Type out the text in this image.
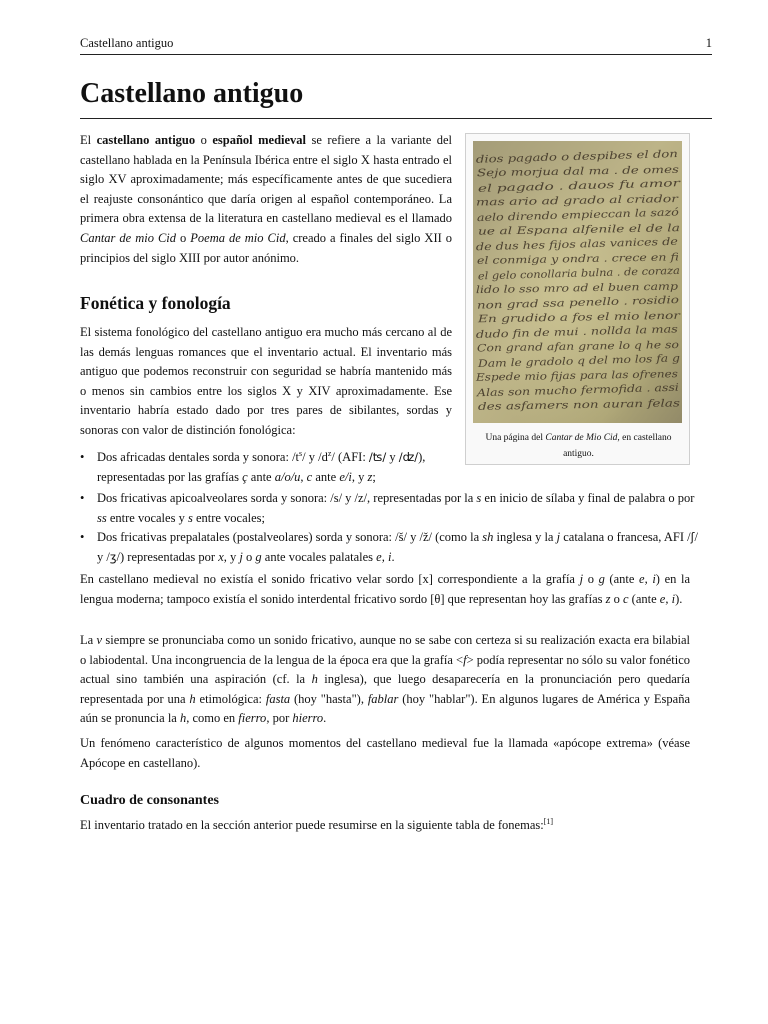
Castellano antiguo	1
Castellano antiguo

El castellano antiguo o español medieval se refiere a la variante del castellano hablada en la Península Ibérica entre el siglo X hasta entrado el siglo XV aproximadamente; más específicamente antes de que sucediera el reajuste consonántico que daría origen al español contemporáneo. La primera obra extensa de la literatura en castellano medieval es el llamado Cantar de mio Cid o Poema de mio Cid, creado a finales del siglo XII o principios del siglo XIII por autor anónimo.

dios pagado o despibes el don
Sejo morjua dal ma . de omes
el pagado . dauos fu amor
mas ario ad grado al criador
aelo direndo empieccan la sazó
ue al Espana alfenile el de la
de dus hes fijos alas vanices de
el conmiga y ondra . crece en fi
el gelo conollaria bulna . de coraza
lido lo sso mro ad el buen camp
non grad ssa penello . rosidio
En grudido a fos el mio lenor
dudo fin de mui . nollda la mas
Con grand afan grane lo q he so
Dam le gradolo q del mo los fa g
Espede mio fijas para las ofrenes
Alas son mucho fermofida . assi
des asfamers non auran felas
Una página del Cantar de Mio Cid, en castellano antiguo.
Fonética y fonología

El sistema fonológico del castellano antiguo era mucho más cercano al de las demás lenguas romances que el inventario actual. El inventario más antiguo que podemos reconstruir con seguridad se habría mantenido más o menos sin cambios entre los siglos X y XIV aproximadamente. Ese inventario habría estado dado por tres pares de sibilantes, sordas y sonoras con valor de distinción fonológica:

• Dos africadas dentales sorda y sonora: $/t^s/$ y $/d^z/$ (AFI: /ʦ/ y /ʣ/), representadas por las grafías ç ante a/o/u, c ante e/i, y z;
• Dos fricativas apicoalveolares sorda y sonora: /s/ y /z/, representadas por la s en inicio de sílaba y final de palabra o por ss entre vocales y s entre vocales;
• Dos fricativas prepalatales (postalveolares) sorda y sonora: /š/ y /ž/ (como la sh inglesa y la j catalana o francesa, AFI /ʃ/ y /ʒ/) representadas por x, y j o g ante vocales palatales e, i.

En castellano medieval no existía el sonido fricativo velar sordo [x] correspondiente a la grafía j o g (ante e, i) en la lengua moderna; tampoco existía el sonido interdental fricativo sordo [θ] que representan hoy las grafías z o c (ante e, i).

La v siempre se pronunciaba como un sonido fricativo, aunque no se sabe con certeza si su realización exacta era bilabial o labiodental. Una incongruencia de la lengua de la época era que la grafía <f> podía representar no sólo su valor fonético actual sino también una aspiración (cf. la h inglesa), que luego desaparecería en la pronunciación pero quedaría representada por una h etimológica: fasta (hoy "hasta"), fablar (hoy "hablar"). En algunos lugares de América y España aún se pronuncia la h, como en fierro, por hierro.

Un fenómeno característico de algunos momentos del castellano medieval fue la llamada «apócope extrema» (véase Apócope en castellano).

Cuadro de consonantes

El inventario tratado en la sección anterior puede resumirse en la siguiente tabla de fonemas:[1]
